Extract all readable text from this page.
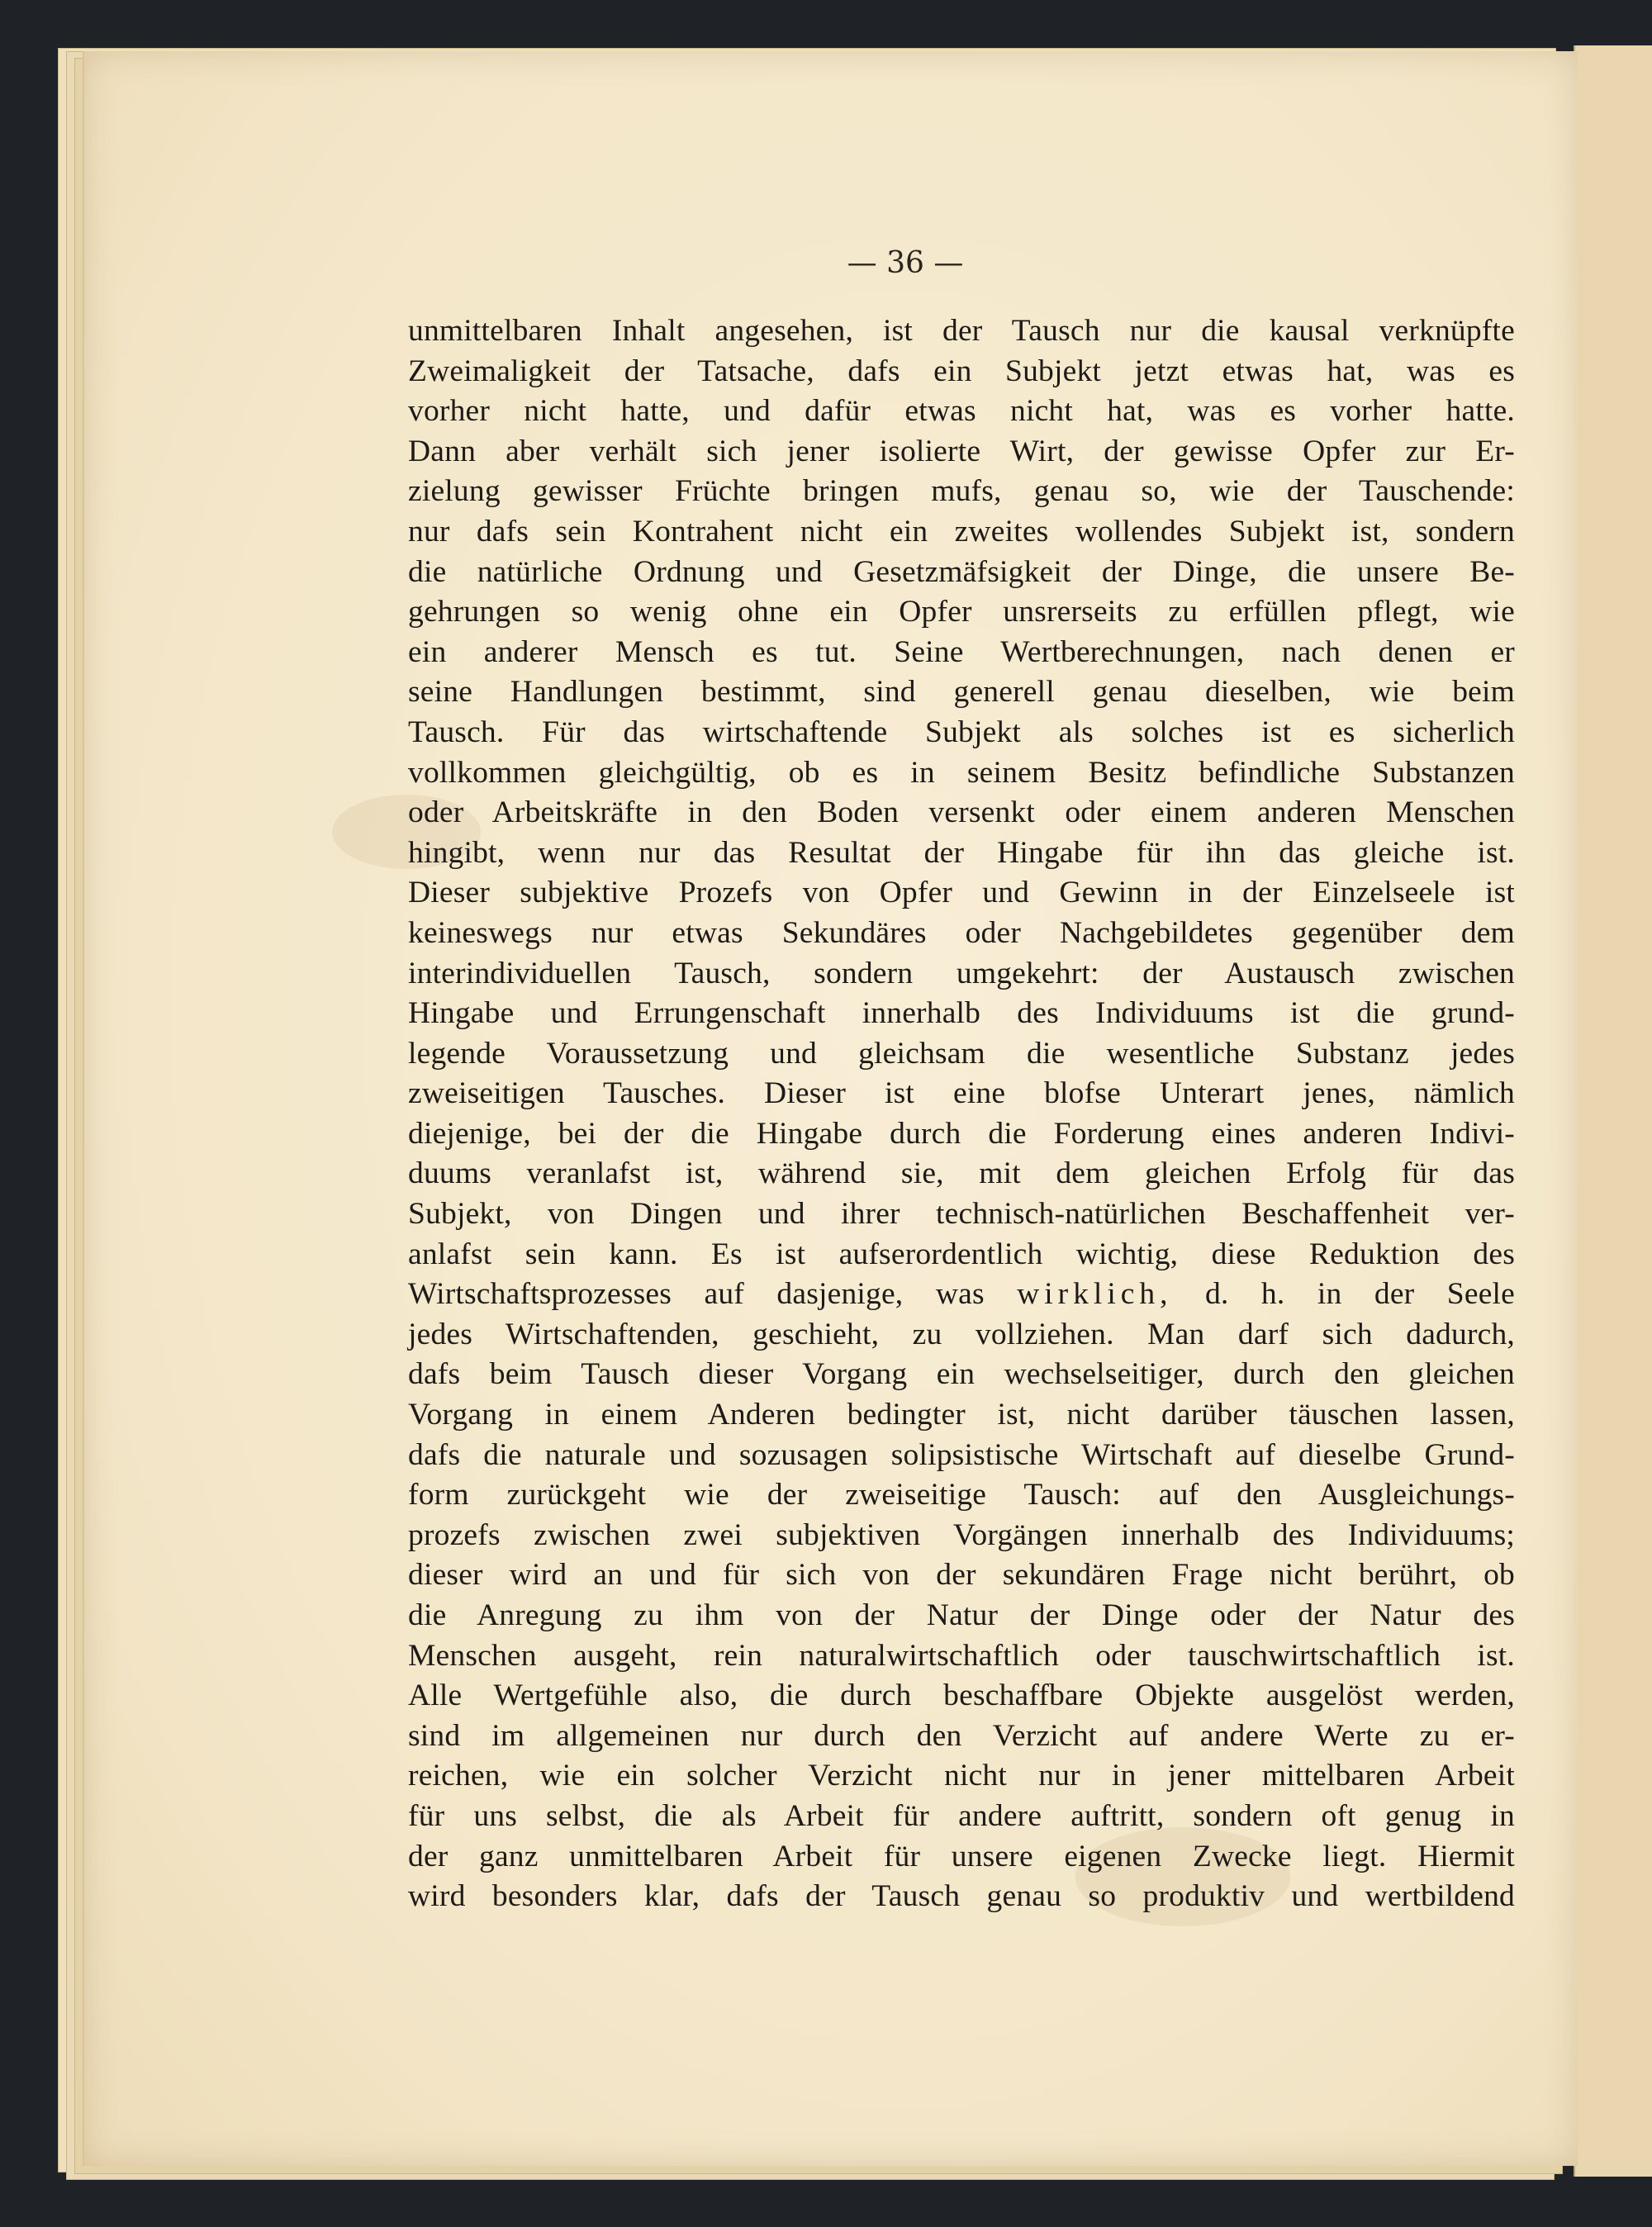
— 36 —
unmittelbaren Inhalt angesehen, ist der Tausch nur die kausal verknüpfte
Zweimaligkeit der Tatsache, dafs ein Subjekt jetzt etwas hat, was es
vorher nicht hatte, und dafür etwas nicht hat, was es vorher hatte.
Dann aber verhält sich jener isolierte Wirt, der gewisse Opfer zur Er-
zielung gewisser Früchte bringen mufs, genau so, wie der Tauschende:
nur dafs sein Kontrahent nicht ein zweites wollendes Subjekt ist, sondern
die natürliche Ordnung und Gesetzmäfsigkeit der Dinge, die unsere Be-
gehrungen so wenig ohne ein Opfer unsrerseits zu erfüllen pflegt, wie
ein anderer Mensch es tut. Seine Wertberechnungen, nach denen er
seine Handlungen bestimmt, sind generell genau dieselben, wie beim
Tausch. Für das wirtschaftende Subjekt als solches ist es sicherlich
vollkommen gleichgültig, ob es in seinem Besitz befindliche Substanzen
oder Arbeitskräfte in den Boden versenkt oder einem anderen Menschen
hingibt, wenn nur das Resultat der Hingabe für ihn das gleiche ist.
Dieser subjektive Prozefs von Opfer und Gewinn in der Einzelseele ist
keineswegs nur etwas Sekundäres oder Nachgebildetes gegenüber dem
interindividuellen Tausch, sondern umgekehrt: der Austausch zwischen
Hingabe und Errungenschaft innerhalb des Individuums ist die grund-
legende Voraussetzung und gleichsam die wesentliche Substanz jedes
zweiseitigen Tausches. Dieser ist eine blofse Unterart jenes, nämlich
diejenige, bei der die Hingabe durch die Forderung eines anderen Indivi-
duums veranlafst ist, während sie, mit dem gleichen Erfolg für das
Subjekt, von Dingen und ihrer technisch-natürlichen Beschaffenheit ver-
anlafst sein kann. Es ist aufserordentlich wichtig, diese Reduktion des
Wirtschaftsprozesses auf dasjenige, was wirklich, d. h. in der Seele
jedes Wirtschaftenden, geschieht, zu vollziehen. Man darf sich dadurch,
dafs beim Tausch dieser Vorgang ein wechselseitiger, durch den gleichen
Vorgang in einem Anderen bedingter ist, nicht darüber täuschen lassen,
dafs die naturale und sozusagen solipsistische Wirtschaft auf dieselbe Grund-
form zurückgeht wie der zweiseitige Tausch: auf den Ausgleichungs-
prozefs zwischen zwei subjektiven Vorgängen innerhalb des Individuums;
dieser wird an und für sich von der sekundären Frage nicht berührt, ob
die Anregung zu ihm von der Natur der Dinge oder der Natur des
Menschen ausgeht, rein naturalwirtschaftlich oder tauschwirtschaftlich ist.
Alle Wertgefühle also, die durch beschaffbare Objekte ausgelöst werden,
sind im allgemeinen nur durch den Verzicht auf andere Werte zu er-
reichen, wie ein solcher Verzicht nicht nur in jener mittelbaren Arbeit
für uns selbst, die als Arbeit für andere auftritt, sondern oft genug in
der ganz unmittelbaren Arbeit für unsere eigenen Zwecke liegt. Hiermit
wird besonders klar, dafs der Tausch genau so produktiv und wertbildend
